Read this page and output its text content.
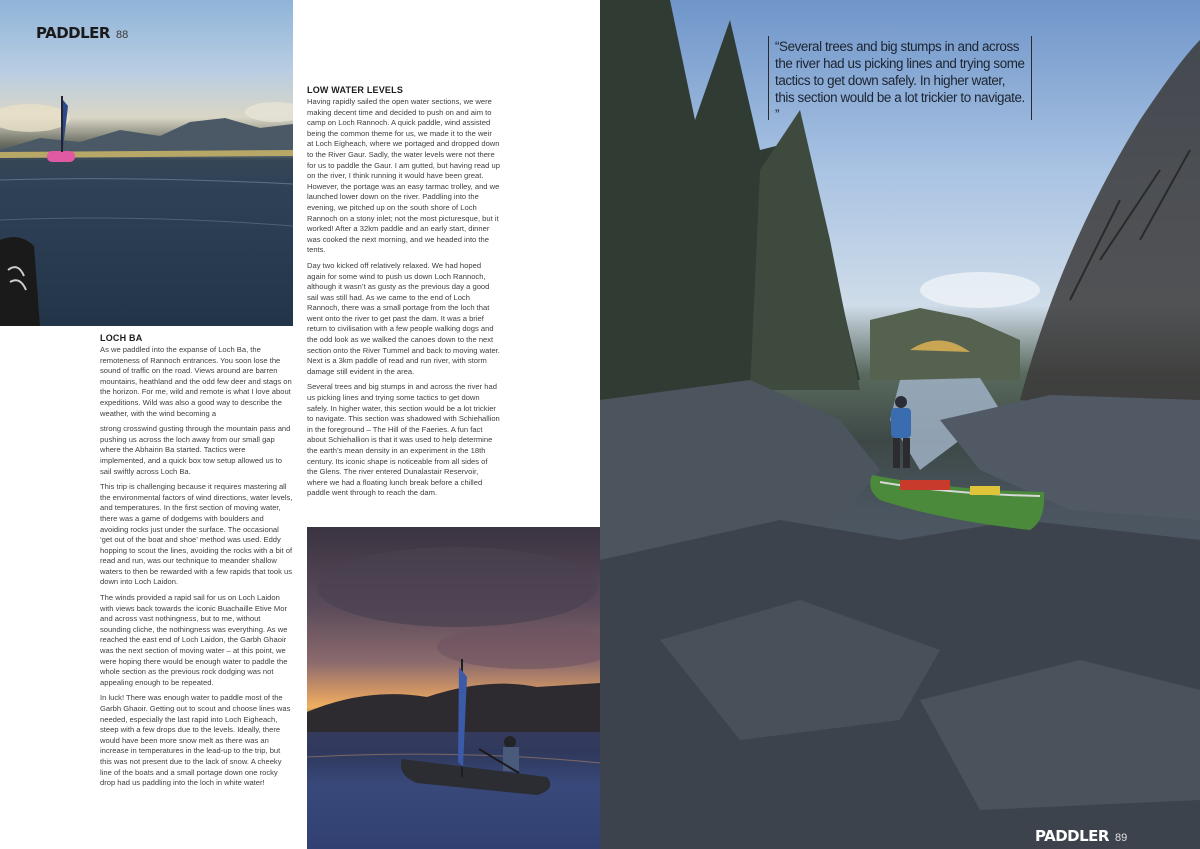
PADDLER 88
LOCH BA

As we paddled into the expanse of Loch Ba, the remoteness of Rannoch entrances. You soon lose the sound of traffic on the road. Views around are barren mountains, heathland and the odd few deer and stags on the horizon. For me, wild and remote is what I love about expeditions. Wild was also a good way to describe the weather, with the wind becoming a

strong crosswind gusting through the mountain pass and pushing us across the loch away from our small gap where the Abhainn Ba started. Tactics were implemented, and a quick box tow setup allowed us to sail swiftly across Loch Ba.

This trip is challenging because it requires mastering all the environmental factors of wind directions, water levels, and temperatures. In the first section of moving water, there was a game of dodgems with boulders and avoiding rocks just under the surface. The occasional ‘get out of the boat and shoe’ method was used. Eddy hopping to scout the lines, avoiding the rocks with a bit of read and run, was our technique to meander shallow waters to then be rewarded with a few rapids that took us down into Loch Laidon.

The winds provided a rapid sail for us on Loch Laidon with views back towards the iconic Buachaille Etive Mor and across vast nothingness, but to me, without sounding cliche, the nothingness was everything. As we reached the east end of Loch Laidon, the Garbh Ghaoir was the next section of moving water – at this point, we were hoping there would be enough water to paddle the whole section as the previous rock dodging was not appealing enough to be repeated.

In luck! There was enough water to paddle most of the Garbh Ghaoir. Getting out to scout and choose lines was needed, especially the last rapid into Loch Eigheach, steep with a few drops due to the levels. Ideally, there would have been more snow melt as there was an increase in temperatures in the lead-up to the trip, but this was not present due to the lack of snow. A cheeky line of the boats and a small portage down one rocky drop had us paddling into the loch in white water!

LOW WATER LEVELS

Having rapidly sailed the open water sections, we were making decent time and decided to push on and aim to camp on Loch Rannoch. A quick paddle, wind assisted being the common theme for us, we made it to the weir at Loch Eigheach, where we portaged and dropped down to the River Gaur. Sadly, the water levels were not there for us to paddle the Gaur. I am gutted, but having read up on the river, I think running it would have been great. However, the portage was an easy tarmac trolley, and we launched lower down on the river. Paddling into the evening, we pitched up on the south shore of Loch Rannoch on a stony inlet; not the most picturesque, but it worked! After a 32km paddle and an early start, dinner was cooked the next morning, and we headed into the tents.

Day two kicked off relatively relaxed. We had hoped again for some wind to push us down Loch Rannoch, although it wasn’t as gusty as the previous day a good sail was still had. As we came to the end of Loch Rannoch, there was a small portage from the loch that went onto the river to get past the dam. It was a brief return to civilisation with a few people walking dogs and the odd look as we walked the canoes down to the next section onto the River Tummel and back to moving water. Next is a 3km paddle of read and run river, with storm damage still evident in the area.

Several trees and big stumps in and across the river had us picking lines and trying some tactics to get down safely. In higher water, this section would be a lot trickier to navigate. This section was shadowed with Schiehallion in the foreground – The Hill of the Faeries. A fun fact about Schiehallion is that it was used to help determine the earth’s mean density in an experiment in the 18th century. Its iconic shape is noticeable from all sides of the Glens. The river entered Dunalastair Reservoir, where we had a floating lunch break before a chilled paddle went through to reach the dam.

“Several trees and big stumps in and across the river had us picking lines and trying some tactics to get down safely. In higher water, this section would be a lot trickier to navigate. ”
PADDLER 89
